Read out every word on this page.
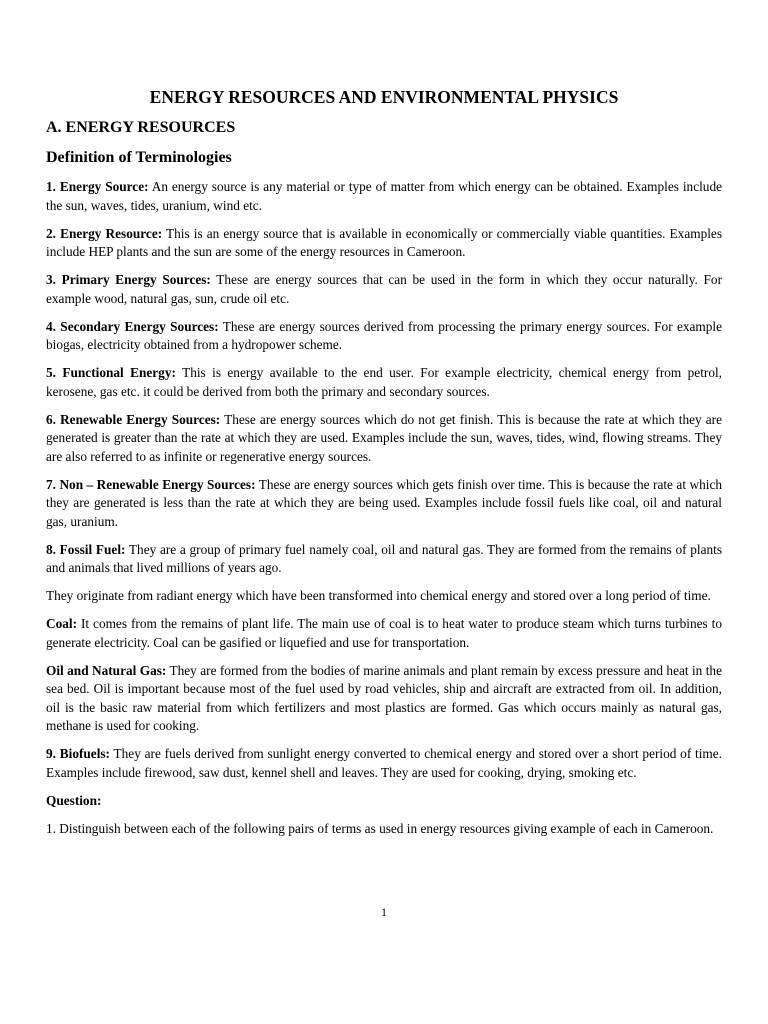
ENERGY RESOURCES AND ENVIRONMENTAL PHYSICS
A. ENERGY RESOURCES
Definition of Terminologies

1. Energy Source: An energy source is any material or type of matter from which energy can be obtained. Examples include the sun, waves, tides, uranium, wind etc.

2. Energy Resource: This is an energy source that is available in economically or commercially viable quantities. Examples include HEP plants and the sun are some of the energy resources in Cameroon.

3. Primary Energy Sources: These are energy sources that can be used in the form in which they occur naturally. For example wood, natural gas, sun, crude oil etc.

4. Secondary Energy Sources: These are energy sources derived from processing the primary energy sources. For example biogas, electricity obtained from a hydropower scheme.

5. Functional Energy: This is energy available to the end user. For example electricity, chemical energy from petrol, kerosene, gas etc. it could be derived from both the primary and secondary sources.

6. Renewable Energy Sources: These are energy sources which do not get finish. This is because the rate at which they are generated is greater than the rate at which they are used. Examples include the sun, waves, tides, wind, flowing streams. They are also referred to as infinite or regenerative energy sources.

7. Non – Renewable Energy Sources: These are energy sources which gets finish over time. This is because the rate at which they are generated is less than the rate at which they are being used. Examples include fossil fuels like coal, oil and natural gas, uranium.

8. Fossil Fuel: They are a group of primary fuel namely coal, oil and natural gas. They are formed from the remains of plants and animals that lived millions of years ago.

They originate from radiant energy which have been transformed into chemical energy and stored over a long period of time.

Coal: It comes from the remains of plant life. The main use of coal is to heat water to produce steam which turns turbines to generate electricity. Coal can be gasified or liquefied and use for transportation.

Oil and Natural Gas: They are formed from the bodies of marine animals and plant remain by excess pressure and heat in the sea bed. Oil is important because most of the fuel used by road vehicles, ship and aircraft are extracted from oil. In addition, oil is the basic raw material from which fertilizers and most plastics are formed. Gas which occurs mainly as natural gas, methane is used for cooking.

9. Biofuels: They are fuels derived from sunlight energy converted to chemical energy and stored over a short period of time. Examples include firewood, saw dust, kennel shell and leaves. They are used for cooking, drying, smoking etc.

Question:

1. Distinguish between each of the following pairs of terms as used in energy resources giving example of each in Cameroon.

1
